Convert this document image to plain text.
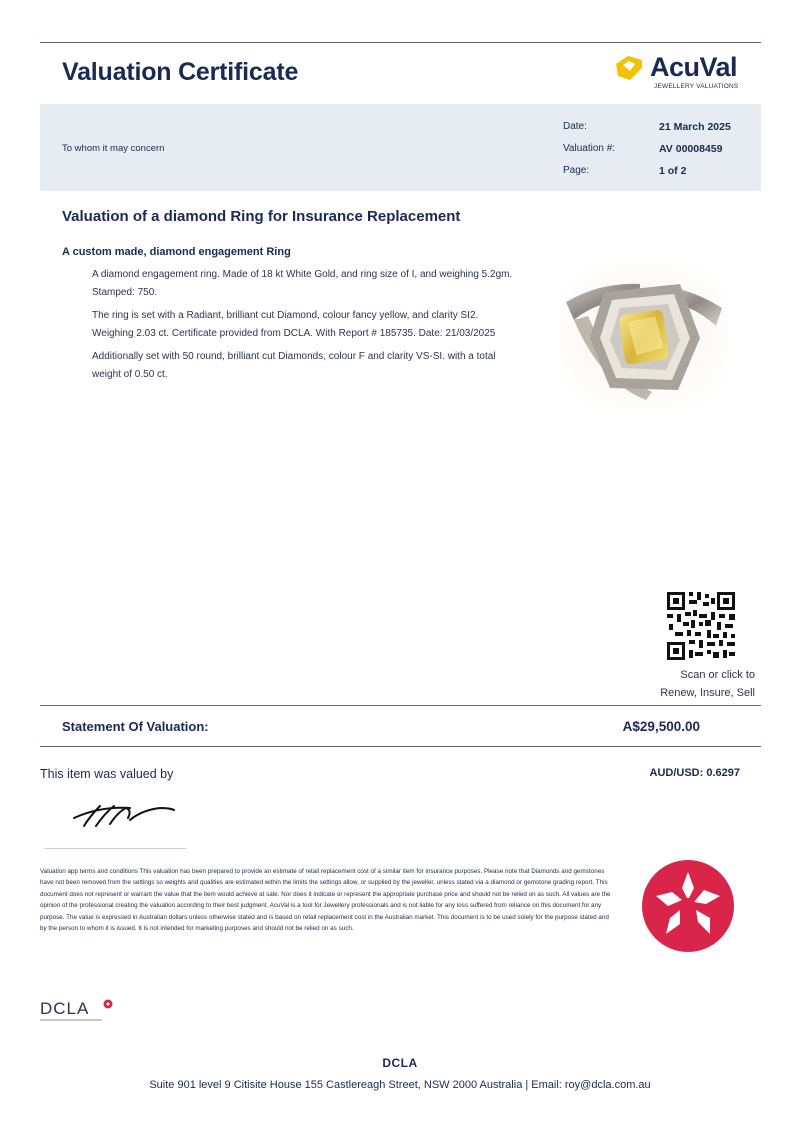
Valuation Certificate	AcuVal
JEWELLERY VALUATIONS
To whom it may concern
Date:	21 March 2025
Valuation #:	AV 00008459
Page:	1 of 2
Valuation of a diamond Ring for Insurance Replacement
A custom made, diamond engagement Ring

A diamond engagement ring. Made of 18 kt White Gold, and ring size of I, and weighing 5.2gm. Stamped: 750.

The ring is set with a Radiant, brilliant cut Diamond, colour fancy yellow, and clarity SI2. Weighing 2.03 ct. Certificate provided from DCLA. With Report # 185735. Date: 21/03/2025

Additionally set with 50 round, brilliant cut Diamonds, colour F and clarity VS-SI. with a total weight of 0.50 ct.

Scan or click to
Renew, Insure, Sell
Statement Of Valuation:	A$29,500.00
This item was valued by	AUD/USD: 0.6297
Valuation app terms and conditions This valuation has been prepared to provide an estimate of retail replacement cost of a similar item for insurance purposes. Please note that Diamonds and gemstones have not been removed from the settings so weights and qualities are estimated within the limits the settings allow, or supplied by the jeweller, unless stated via a diamond or gemstone grading report. This document does not represent or warrant the value that the item would achieve at sale. Nor does it indicate or represent the appropriate purchase price and should not be relied on as such. All values are the opinion of the professional creating the valuation according to their best judgment. AcuVal is a tool for Jewellery professionals and is not liable for any loss suffered from reliance on this document for any purpose. The value is expressed in Australian dollars unless otherwise stated and is based on retail replacement cost in the Australian market. This document is to be used solely for the purpose stated and by the person to whom it is issued. It is not intended for marketing purposes and should not be relied on as such.
DCLA
DCLA
Suite 901 level 9 Citisite House 155 Castlereagh Street, NSW 2000 Australia | Email: roy@dcla.com.au
